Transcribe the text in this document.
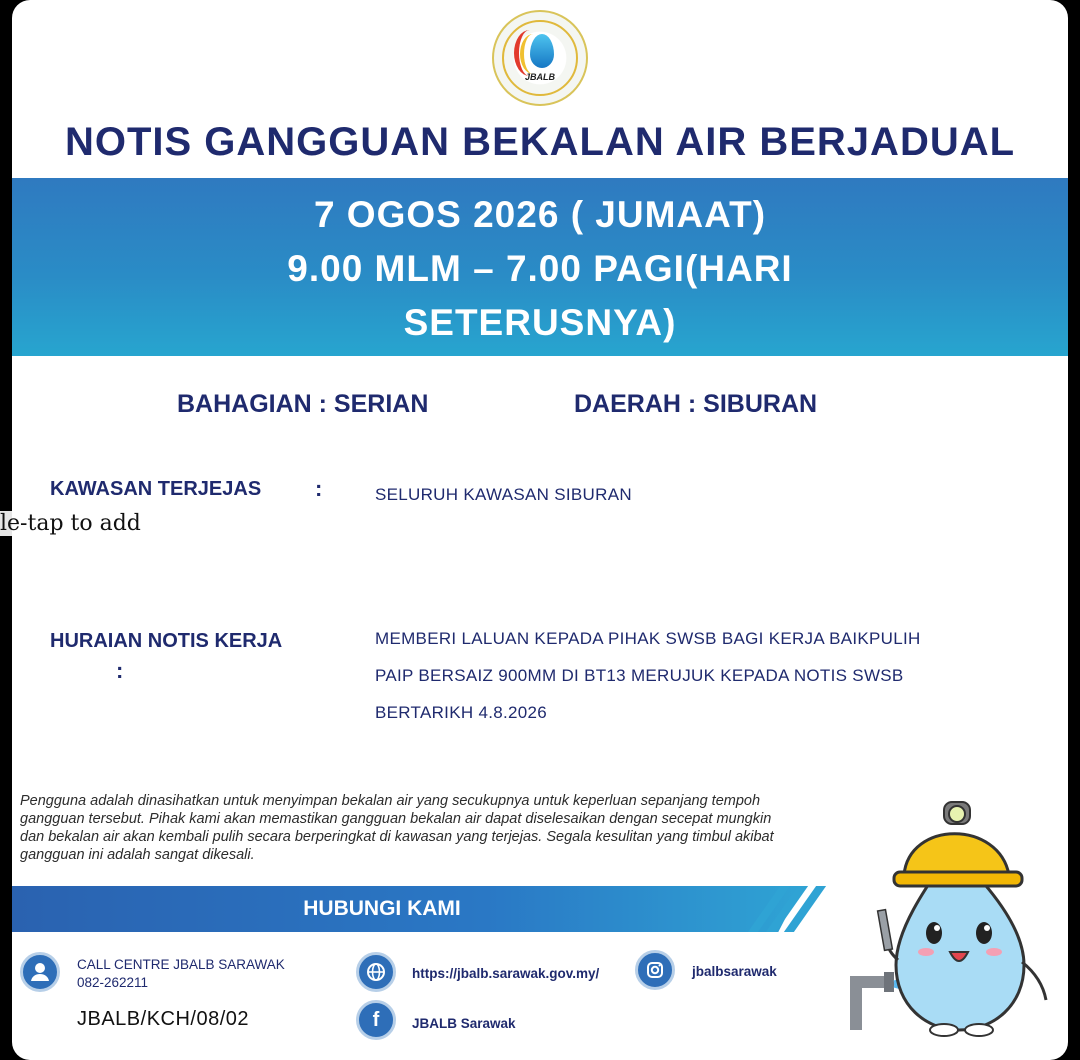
JBALB
NOTIS GANGGUAN BEKALAN AIR BERJADUAL
7 OGOS 2026 ( JUMAAT)
9.00 MLM – 7.00 PAGI(HARI
SETERUSNYA)
BAHAGIAN : SERIAN	DAERAH : SIBURAN
KAWASAN TERJEJAS :	SELURUH KAWASAN SIBURAN
HURAIAN NOTIS KERJA
:
MEMBERI LALUAN KEPADA PIHAK SWSB BAGI KERJA BAIKPULIH
PAIP BERSAIZ 900MM DI BT13 MERUJUK KEPADA NOTIS SWSB
BERTARIKH 4.8.2026
Pengguna adalah dinasihatkan untuk menyimpan bekalan air yang secukupnya untuk keperluan sepanjang tempoh gangguan tersebut. Pihak kami akan memastikan gangguan bekalan air dapat diselesaikan dengan secepat mungkin dan bekalan air akan kembali pulih secara berperingkat di kawasan yang terjejas. Segala kesulitan yang timbul akibat gangguan ini adalah sangat dikesali.
HUBUNGI KAMI
CALL CENTRE JBALB SARAWAK
082-262211
JBALB/KCH/08/02
https://jbalb.sarawak.gov.my/
f	JBALB Sarawak
jbalbsarawak
le-tap to add
